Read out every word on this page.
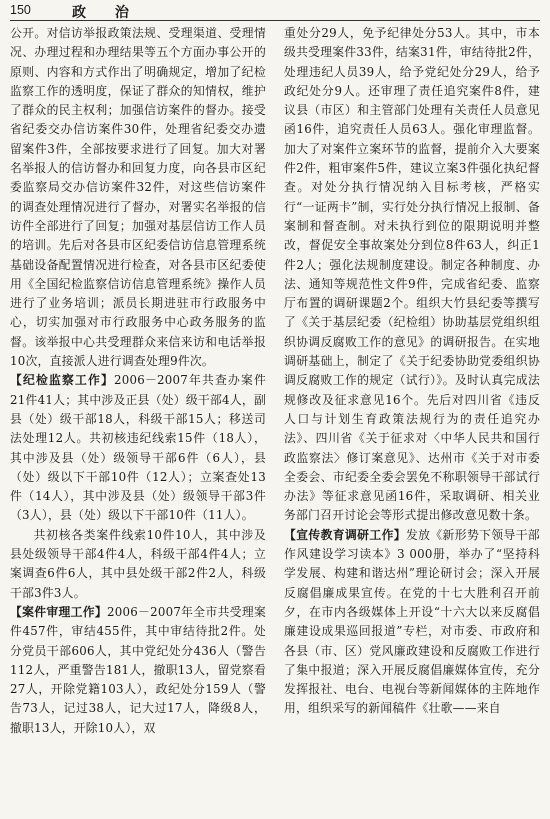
150	政 治

公开。对信访举报政策法规、受理渠道、受理情况、办理过程和办理结果等五个方面办事公开的原则、内容和方式作出了明确规定，增加了纪检监察工作的透明度，保证了群众的知情权，维护了群众的民主权利；加强信访案件的督办。接受省纪委交办信访案件30件，处理省纪委交办遗留案件3件，全部按要求进行了回复。加大对署名举报人的信访督办和回复力度，向各县市区纪委监察局交办信访案件32件，对这些信访案件的调查处理情况进行了督办，对署实名举报的信访件全部进行了回复；加强对基层信访工作人员的培训。先后对各县市区纪委信访信息管理系统基础设备配置情况进行检查，对各县市区纪委使用《全国纪检监察信访信息管理系统》操作人员进行了业务培训；派员长期进驻市行政服务中心，切实加强对市行政服务中心政务服务的监督。该举报中心共受理群众来信来访和电话举报10次，直接派人进行调查处理9件次。

【纪检监察工作】2006－2007年共查办案件21件41人；其中涉及正县（处）级干部4人，副县（处）级干部18人，科级干部15人；移送司法处理12人。共初核违纪线索15件（18人），其中涉及县（处）级领导干部6件（6人），县（处）级以下干部10件（12人）；立案查处13件（14人），其中涉及县（处）级领导干部3件（3人），县（处）级以下干部10件（11人）。

共初核各类案件线索10件10人，其中涉及县处级领导干部4件4人，科级干部4件4人；立案调查6件6人，其中县处级干部2件2人，科级干部3件3人。

【案件审理工作】2006－2007年全市共受理案件457件，审结455件，其中审结待批2件。处分党员干部606人，其中党纪处分436人（警告112人，严重警告181人，撤职13人，留党察看27人，开除党籍103人），政纪处分159人（警告73人，记过38人，记大过17人，降级8人，撤职13人，开除10人），双

重处分29人，免予纪律处分53人。其中，市本级共受理案件33件，结案31件，审结待批2件，处理违纪人员39人，给予党纪处分29人，给予政纪处分9人。还审理了责任追究案件8件，建议县（市区）和主管部门处理有关责任人员意见函16件，追究责任人员63人。强化审理监督。加大了对案件立案环节的监督，提前介入大要案件2件，粗审案件5件，建议立案3件强化执纪督查。对处分执行情况纳入目标考核，严格实行“一证两卡”制，实行处分执行情况上报制、备案制和督查制。对未执行到位的限期说明并整改，督促安全事故案处分到位8件63人，纠正1件2人；强化法规制度建设。制定各种制度、办法、通知等规范性文件9件，完成省纪委、监察厅布置的调研课题2个。组织大竹县纪委等撰写了《关于基层纪委（纪检组）协助基层党组织组织协调反腐败工作的意见》的调研报告。在实地调研基础上，制定了《关于纪委协助党委组织协调反腐败工作的规定（试行）》。及时认真完成法规修改及征求意见16个。先后对四川省《违反人口与计划生育政策法规行为的责任追究办法》、四川省《关于征求对〈中华人民共和国行政监察法〉修订案意见》、达州市《关于对市委全委会、市纪委全委会罢免不称职领导干部试行办法》等征求意见函16件，采取调研、相关业务部门召开讨论会等形式提出修改意见数十条。

【宣传教育调研工作】发放《新形势下领导干部作风建设学习读本》3 000册，举办了“坚持科学发展、构建和谐达州”理论研讨会；深入开展反腐倡廉成果宣传。在党的十七大胜利召开前夕，在市内各级媒体上开设“十六大以来反腐倡廉建设成果巡回报道”专栏，对市委、市政府和各县（市、区）党风廉政建设和反腐败工作进行了集中报道；深入开展反腐倡廉媒体宣传，充分发挥报社、电台、电视台等新闻媒体的主阵地作用，组织采写的新闻稿件《壮歌——来自
